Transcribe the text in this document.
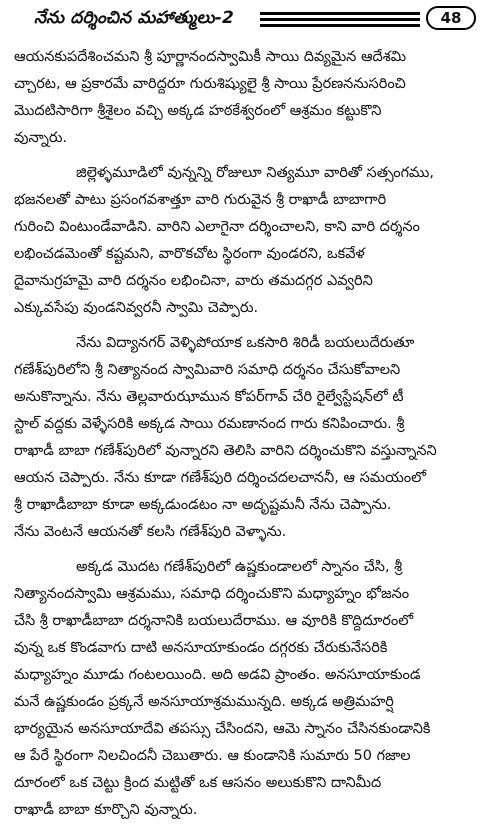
నేను దర్శించిన మహాత్ములు-2	48

ఆయనకుపదేశించమని శ్రీ పూర్ణానందస్వామికీ సాయి దివ్యమైన ఆదేశమి
చ్చారట, ఆ ప్రకారమే వారిద్దరూ గురుశిష్యులై శ్రీ సాయి ప్రేరణననుసరించి
మొదటిసారిగా శ్రీశైలం వచ్చి అక్కడ హఠకేశ్వరంలో ఆశ్రమం కట్టుకొని
వున్నారు.

జిల్లెళ్ళమూడిలో వున్నన్ని రోజులూ నిత్యమూ వారితో సత్సంగము,
భజనలతో పాటు ప్రసంగవశాత్తూ వారి గురువైన శ్రీ రాఖాడీ బాబాగారి
గురించి వింటుండేవాడిని. వారిని ఎలాగైనా దర్శించాలని, కాని వారి దర్శనం
లభించడమెంతో కష్టమని, వారొకచోట స్థిరంగా వుండరని, ఒకవేళ
దైవానుగ్రహమై వారి దర్శనం లభించినా, వారు తమదగ్గర ఎవ్వరిని
ఎక్కువసేపు వుండనివ్వరనీ స్వామి చెప్పారు.

నేను విద్యానగర్ వెళ్ళిపోయాక ఒకసారి శిరిడీ బయలుదేరుతూ
గణేశ్‌పురిలోని శ్రీ నిత్యానంద స్వామివారి సమాధి దర్శనం చేసుకోవాలని
అనుకొన్నాను. నేను తెల్లవారుఝామున కోపర్‌గావ్ చేరి రైల్వేస్టేషన్‌లో టీ
స్టాల్ వద్దకు వెళ్ళేసరికి అక్కడ సాయి రమణానంద గారు కనిపించారు. శ్రీ
రాఖాడీ బాబా గణేశ్‌పురిలో వున్నారని తెలిసి వారిని దర్శించుకొని వస్తున్నానని
ఆయన చెప్పారు. నేను కూడా గణేశ్‌పురి దర్శించదలచాననీ, ఆ సమయంలో
శ్రీ రాఖాడీబాబా కూడా అక్కడుండటం నా అదృష్టమనీ నేను చెప్పాను.
నేను వెంటనే ఆయనతో కలసి గణేశ్‌పురి వెళ్ళాను.

అక్కడ మొదట గణేశ్‌పురిలో ఉష్ణకుండాలలో స్నానం చేసి, శ్రీ
నిత్యానందస్వామి ఆశ్రమము, సమాధి దర్శించుకొని మధ్యాహ్నం భోజనం
చేసి శ్రీ రాఖాడీబాబా దర్శనానికి బయలుదేరాము. ఆ వూరికి కొద్దిదూరంలో
వున్న ఒక కొండవాగు దాటి అనసూయాకుండం దగ్గరకు చేరుకునేసరికి
మధ్యాహ్నం మూడు గంటలయింది. అది అడవి ప్రాంతం. అనసూయాకుండ
మనే ఉష్ణకుండం ప్రక్కనే అనసూయాశ్రమమున్నది. అక్కడ అత్రిమహర్షి
భార్యయైన అనసూయాదేవి తపస్సు చేసిందని, ఆమె స్నానం చేసినకుండానికి
ఆ పేరే స్థిరంగా నిలచిందనీ చెబుతారు. ఆ కుండానికి సుమారు 50 గజాల
దూరంలో ఒక చెట్టు క్రింద మట్టితో ఒక ఆసనం అలుకుకొని దానిమీద
రాఖాడీ బాబా కూర్చొని వున్నారు.
